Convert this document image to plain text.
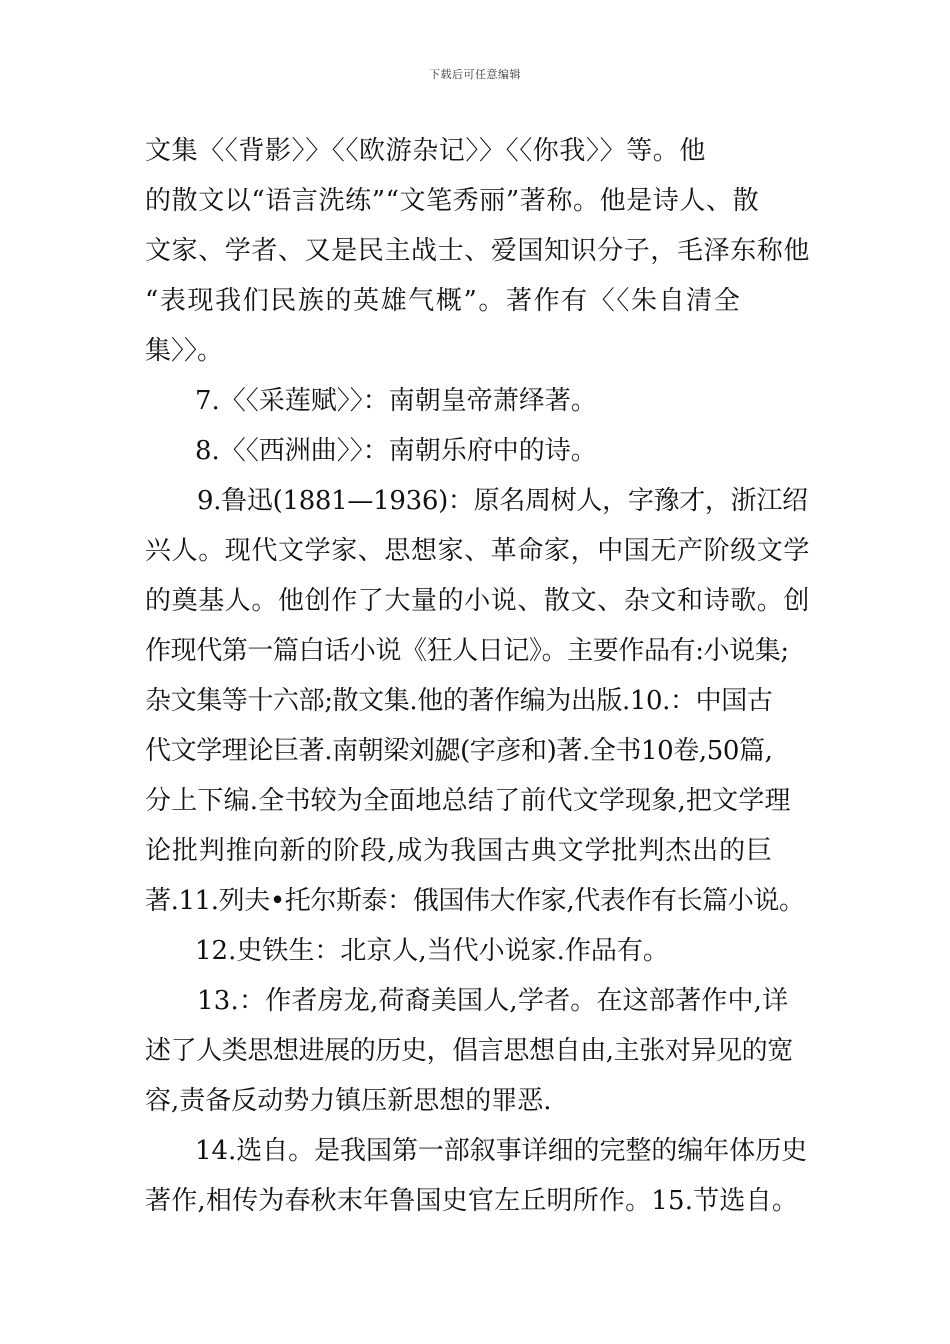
下载后可任意编辑
文集〈〈背影〉〉〈〈欧游杂记〉〉〈〈你我〉〉等。他
的散文以“语言洗练”“文笔秀丽”著称。他是诗人、散
文家、学者、又是民主战士、爱国知识分子，毛泽东称他
“表现我们民族的英雄气概”。著作有〈〈朱自清全
集〉〉。
7.〈〈采莲赋〉〉：南朝皇帝萧绎著。
8.〈〈西洲曲〉〉：南朝乐府中的诗。
9.鲁迅(1881—1936)：原名周树人，字豫才，浙江绍
兴人。现代文学家、思想家、革命家，中国无产阶级文学
的奠基人。他创作了大量的小说、散文、杂文和诗歌。创
作现代第一篇白话小说《狂人日记》。主要作品有:小说集;
杂文集等十六部;散文集.他的著作编为出版.10.：中国古
代文学理论巨著.南朝梁刘勰(字彦和)著.全书10卷,50篇,
分上下编.全书较为全面地总结了前代文学现象,把文学理
论批判推向新的阶段,成为我国古典文学批判杰出的巨
著.11.列夫•托尔斯泰：俄国伟大作家,代表作有长篇小说。
12.史铁生：北京人,当代小说家.作品有。
13.：作者房龙,荷裔美国人,学者。在这部著作中,详
述了人类思想进展的历史，倡言思想自由,主张对异见的宽
容,责备反动势力镇压新思想的罪恶.
14.选自。是我国第一部叙事详细的完整的编年体历史
著作,相传为春秋末年鲁国史官左丘明所作。15.节选自。
